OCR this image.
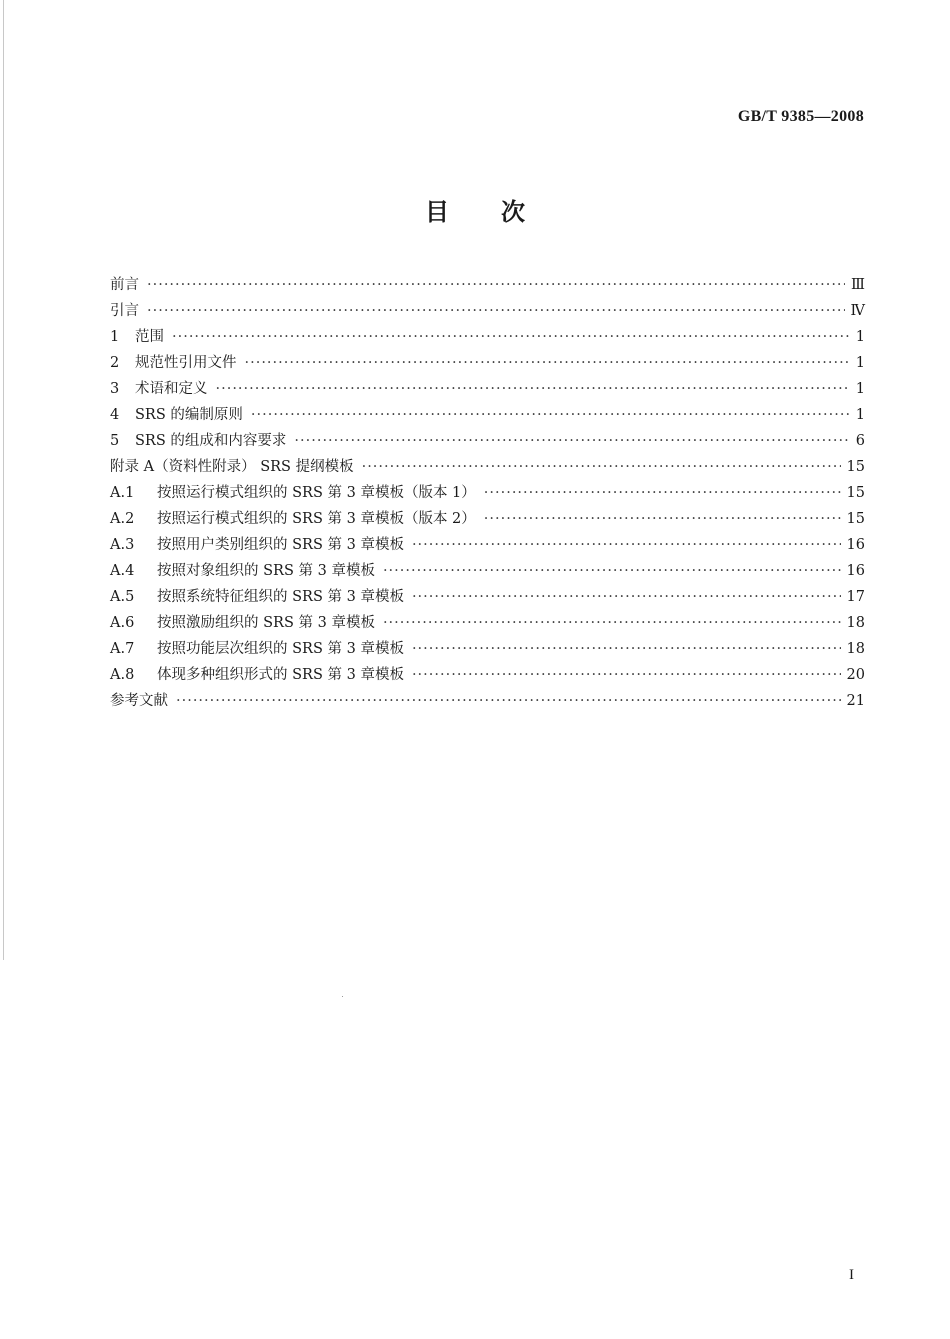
GB/T 9385—2008
目次
前言 ·····	Ⅲ
引言 ·····	Ⅳ
1	范围 ·····	1
2	规范性引用文件 ·····	1
3	术语和定义 ·····	1
4	SRS 的编制原则 ·····	1
5	SRS 的组成和内容要求 ·····	6
附录 A（资料性附录） SRS 提纲模板 ·····	15
A.1	按照运行模式组织的 SRS 第 3 章模板（版本 1） ·····	15
A.2	按照运行模式组织的 SRS 第 3 章模板（版本 2） ·····	15
A.3	按照用户类别组织的 SRS 第 3 章模板 ·····	16
A.4	按照对象组织的 SRS 第 3 章模板 ·····	16
A.5	按照系统特征组织的 SRS 第 3 章模板 ·····	17
A.6	按照激励组织的 SRS 第 3 章模板 ·····	18
A.7	按照功能层次组织的 SRS 第 3 章模板 ·····	18
A.8	体现多种组织形式的 SRS 第 3 章模板 ·····	20
参考文献 ·····	21
I
